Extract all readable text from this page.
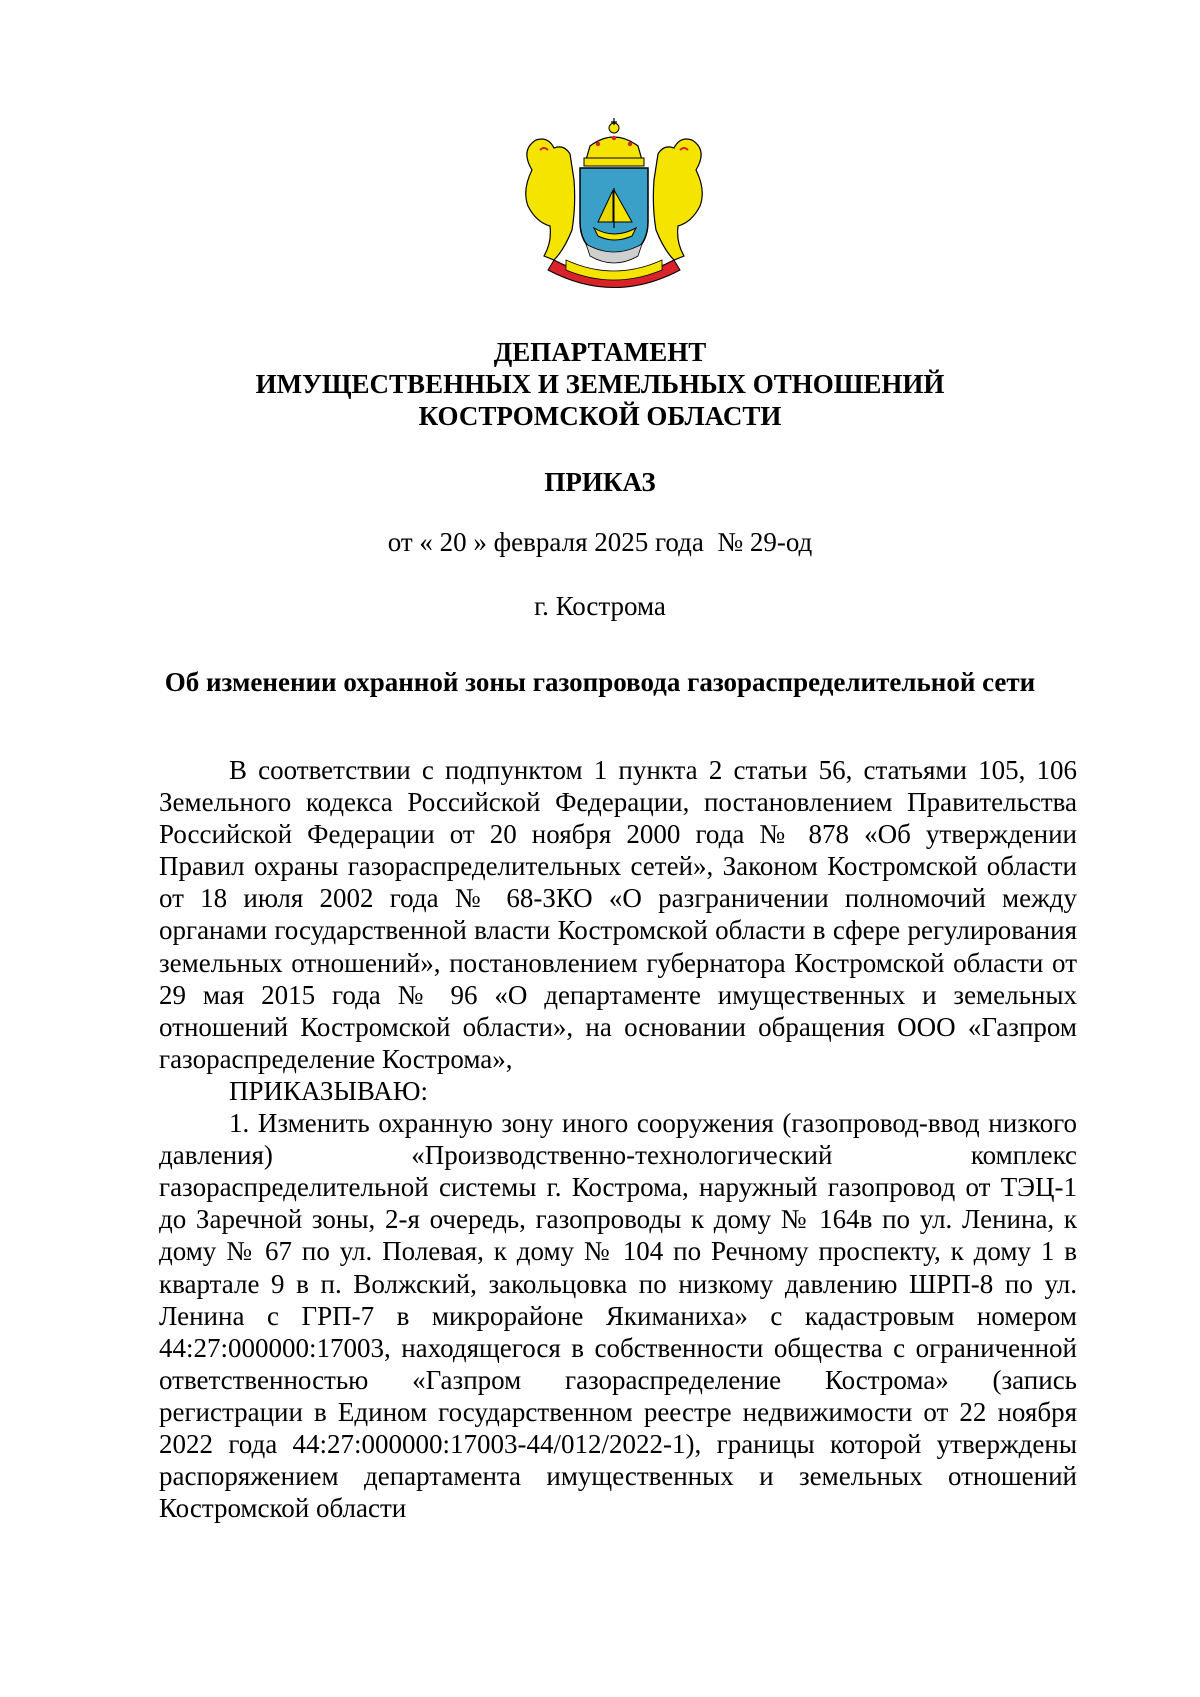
ДЕПАРТАМЕНТ
ИМУЩЕСТВЕННЫХ И ЗЕМЕЛЬНЫХ ОТНОШЕНИЙ
КОСТРОМСКОЙ ОБЛАСТИ
ПРИКАЗ
от « 20 » февраля 2025 года  № 29-од
г. Кострома
Об изменении охранной зоны газопровода газораспределительной сети

В соответствии с подпунктом 1 пункта 2 статьи 56, статьями 105, 106 Земельного кодекса Российской Федерации, постановлением Правительства Российской Федерации от 20 ноября 2000 года № 878 «Об утверждении Правил охраны газораспределительных сетей», Законом Костромской области от 18 июля 2002 года № 68-ЗКО «О разграничении полномочий между органами государственной власти Костромской области в сфере регулирования земельных отношений», постановлением губернатора Костромской области от 29 мая 2015 года № 96 «О департаменте имущественных и земельных отношений Костромской области», на основании обращения ООО «Газпром газораспределение Кострома»,

ПРИКАЗЫВАЮ:

1. Изменить охранную зону иного сооружения (газопровод-ввод низкого давления) «Производственно-технологический комплекс газораспределительной системы г. Кострома, наружный газопровод от ТЭЦ-1 до Заречной зоны, 2-я очередь, газопроводы к дому № 164в по ул. Ленина, к дому № 67 по ул. Полевая, к дому № 104 по Речному проспекту, к дому 1 в квартале 9 в п. Волжский, закольцовка по низкому давлению ШРП-8 по ул. Ленина с ГРП-7 в микрорайоне Якиманиха» с кадастровым номером 44:27:000000:17003, находящегося в собственности общества с ограниченной ответственностью «Газпром газораспределение Кострома» (запись регистрации в Едином государственном реестре недвижимости от 22 ноября 2022 года 44:27:000000:17003-44/012/2022-1), границы которой утверждены распоряжением департамента имущественных и земельных отношений Костромской области
